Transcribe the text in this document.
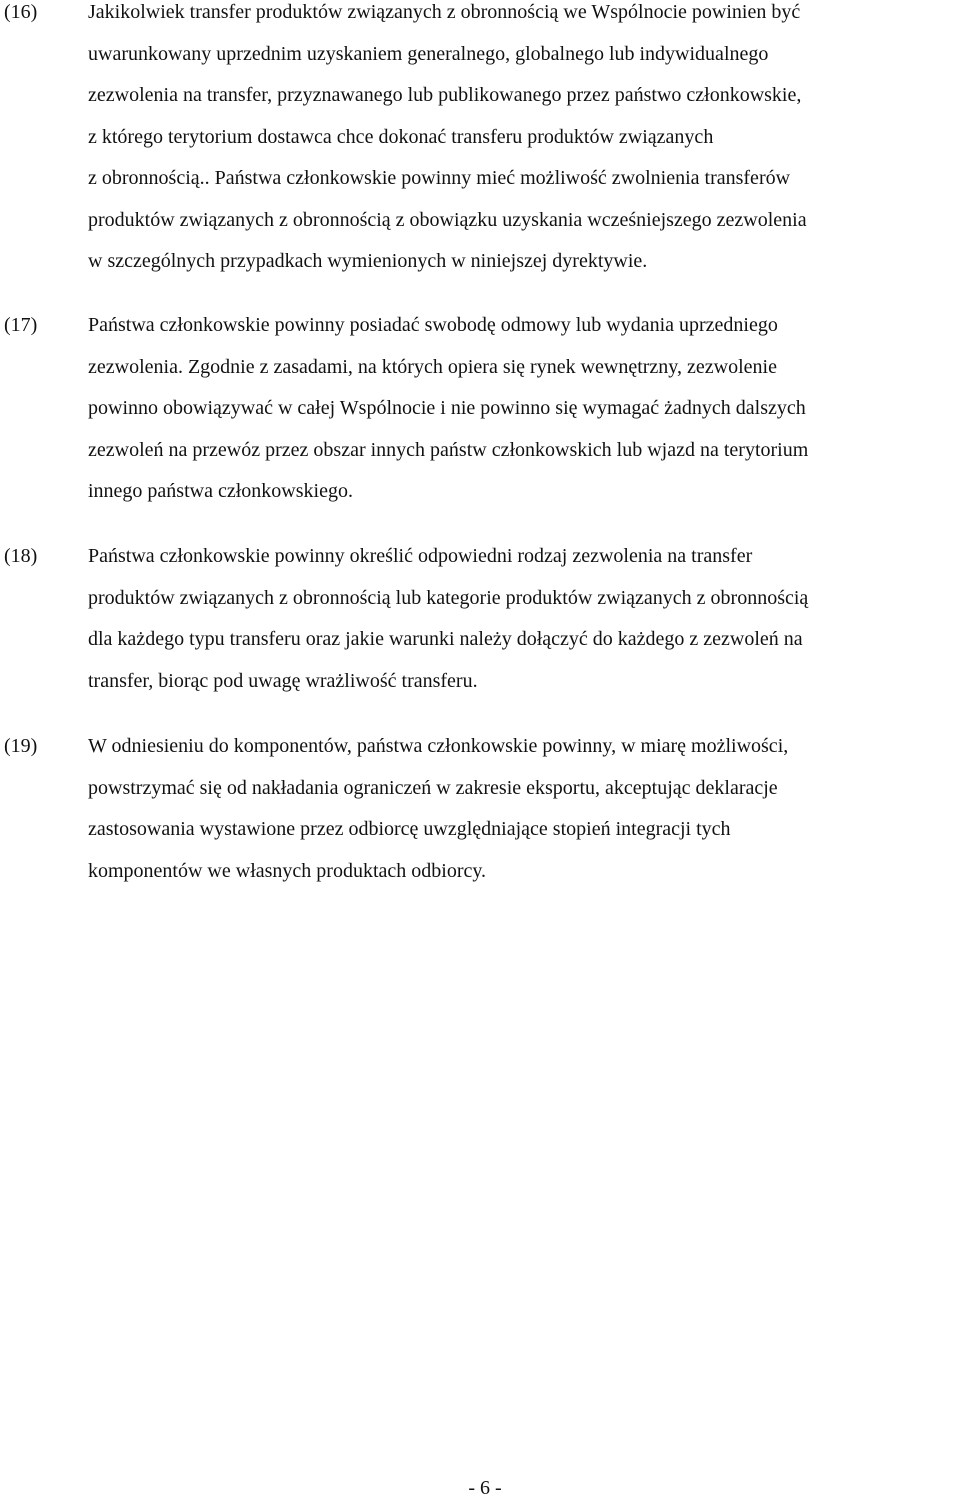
(16)	Jakikolwiek transfer produktów związanych z obronnością we Wspólnocie powinien być
uwarunkowany uprzednim uzyskaniem generalnego, globalnego lub indywidualnego
zezwolenia na transfer, przyznawanego lub publikowanego przez państwo członkowskie,
z którego terytorium dostawca chce dokonać transferu produktów związanych
z obronnością.. Państwa członkowskie powinny mieć możliwość zwolnienia transferów
produktów związanych z obronnością z obowiązku uzyskania wcześniejszego zezwolenia
w szczególnych przypadkach wymienionych w niniejszej dyrektywie.
(17)	Państwa członkowskie powinny posiadać swobodę odmowy lub wydania uprzedniego
zezwolenia. Zgodnie z zasadami, na których opiera się rynek wewnętrzny, zezwolenie
powinno obowiązywać w całej Wspólnocie i nie powinno się wymagać żadnych dalszych
zezwoleń na przewóz przez obszar innych państw członkowskich lub wjazd na terytorium
innego państwa członkowskiego.
(18)	Państwa członkowskie powinny określić odpowiedni rodzaj zezwolenia na transfer
produktów związanych z obronnością lub kategorie produktów związanych z obronnością
dla każdego typu transferu oraz jakie warunki należy dołączyć do każdego z zezwoleń na
transfer, biorąc pod uwagę wrażliwość transferu.
(19)	W odniesieniu do komponentów, państwa członkowskie powinny, w miarę możliwości,
powstrzymać się od nakładania ograniczeń w zakresie eksportu, akceptując deklaracje
zastosowania wystawione przez odbiorcę uwzględniające stopień integracji tych
komponentów we własnych produktach odbiorcy.
- 6 -
